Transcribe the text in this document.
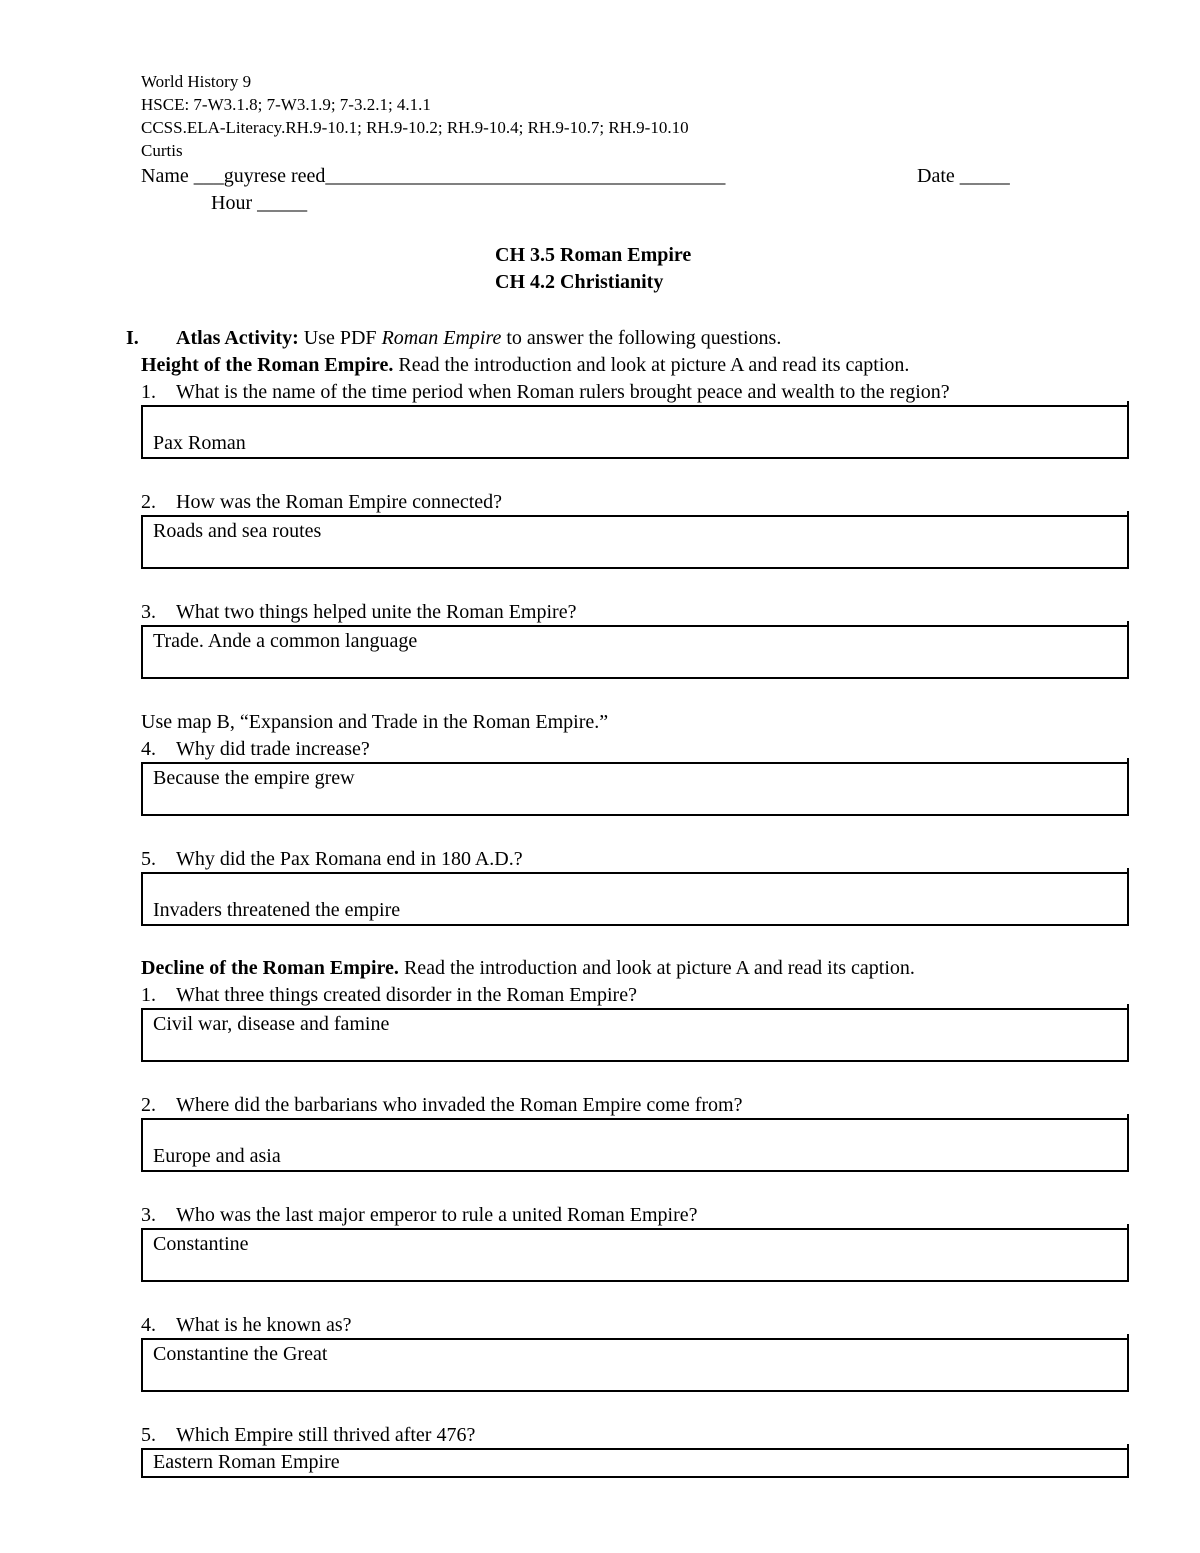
World History 9
HSCE: 7-W3.1.8; 7-W3.1.9; 7-3.2.1; 4.1.1
CCSS.ELA-Literacy.RH.9-10.1; RH.9-10.2; RH.9-10.4; RH.9-10.7; RH.9-10.10
Curtis
Name ___guyrese reed________________________________________	Date _____
Hour _____
CH 3.5 Roman Empire
CH 4.2 Christianity
I. Atlas Activity: Use PDF Roman Empire to answer the following questions.
Height of the Roman Empire. Read the introduction and look at picture A and read its caption.
1. What is the name of the time period when Roman rulers brought peace and wealth to the region?
Pax Roman
2. How was the Roman Empire connected?
Roads and sea routes
3. What two things helped unite the Roman Empire?
Trade. Ande a common language
Use map B, “Expansion and Trade in the Roman Empire.”
4. Why did trade increase?
Because the empire grew
5. Why did the Pax Romana end in 180 A.D.?
Invaders threatened the empire
Decline of the Roman Empire. Read the introduction and look at picture A and read its caption.
1. What three things created disorder in the Roman Empire?
Civil war, disease and famine
2. Where did the barbarians who invaded the Roman Empire come from?
Europe and asia
3. Who was the last major emperor to rule a united Roman Empire?
Constantine
4. What is he known as?
Constantine the Great
5. Which Empire still thrived after 476?
Eastern Roman Empire
